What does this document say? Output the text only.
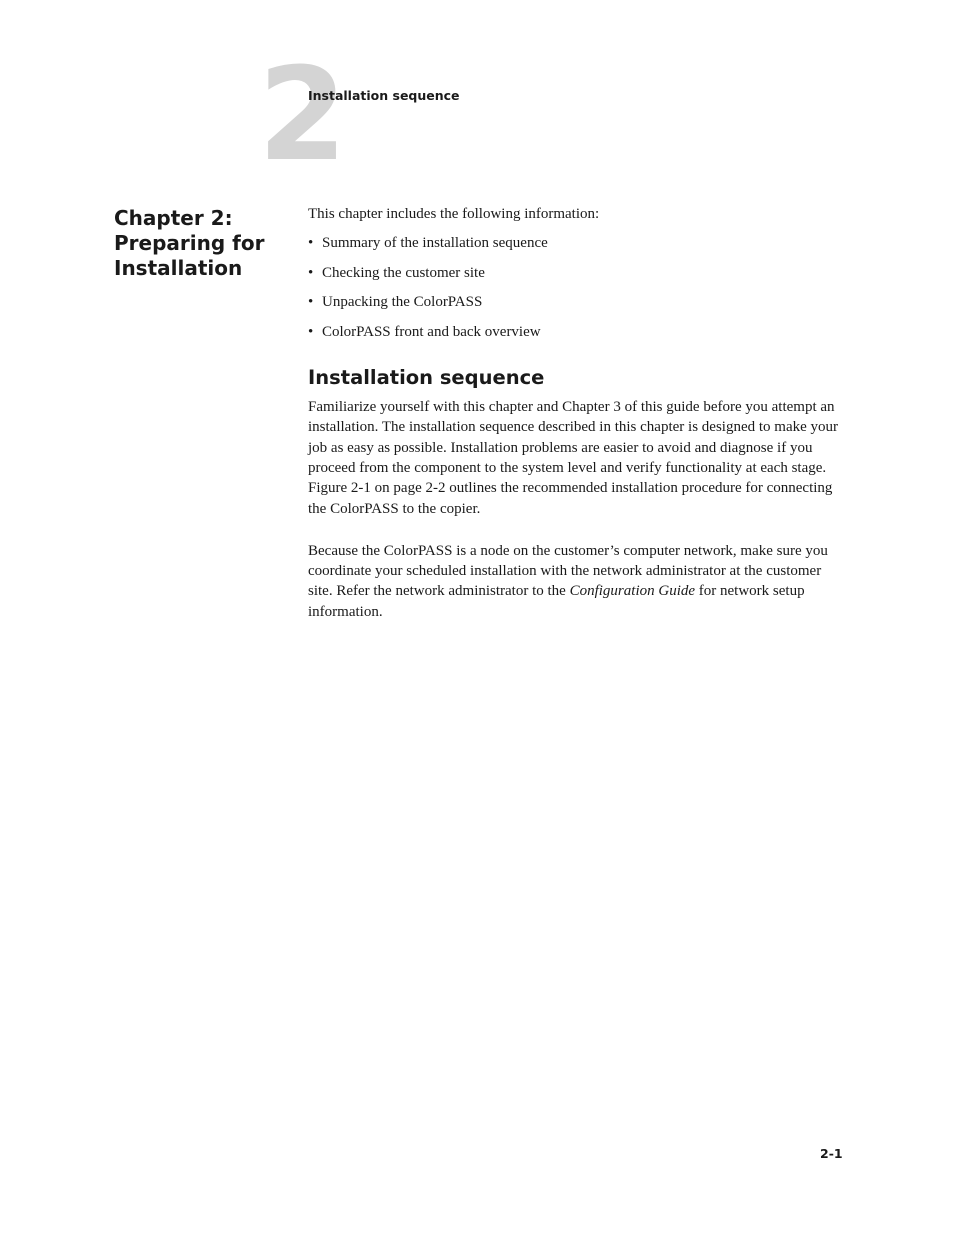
2
Installation sequence
Chapter 2:
Preparing for
Installation

This chapter includes the following information:

• Summary of the installation sequence
• Checking the customer site
• Unpacking the ColorPASS
• ColorPASS front and back overview
Installation sequence

Familiarize yourself with this chapter and Chapter 3 of this guide before you attempt an installation. The installation sequence described in this chapter is designed to make your job as easy as possible. Installation problems are easier to avoid and diagnose if you proceed from the component to the system level and verify functionality at each stage. Figure 2-1 on page 2-2 outlines the recommended installation procedure for connecting the ColorPASS to the copier.

Because the ColorPASS is a node on the customer’s computer network, make sure you coordinate your scheduled installation with the network administrator at the customer site. Refer the network administrator to the Configuration Guide for network setup information.

2-1
